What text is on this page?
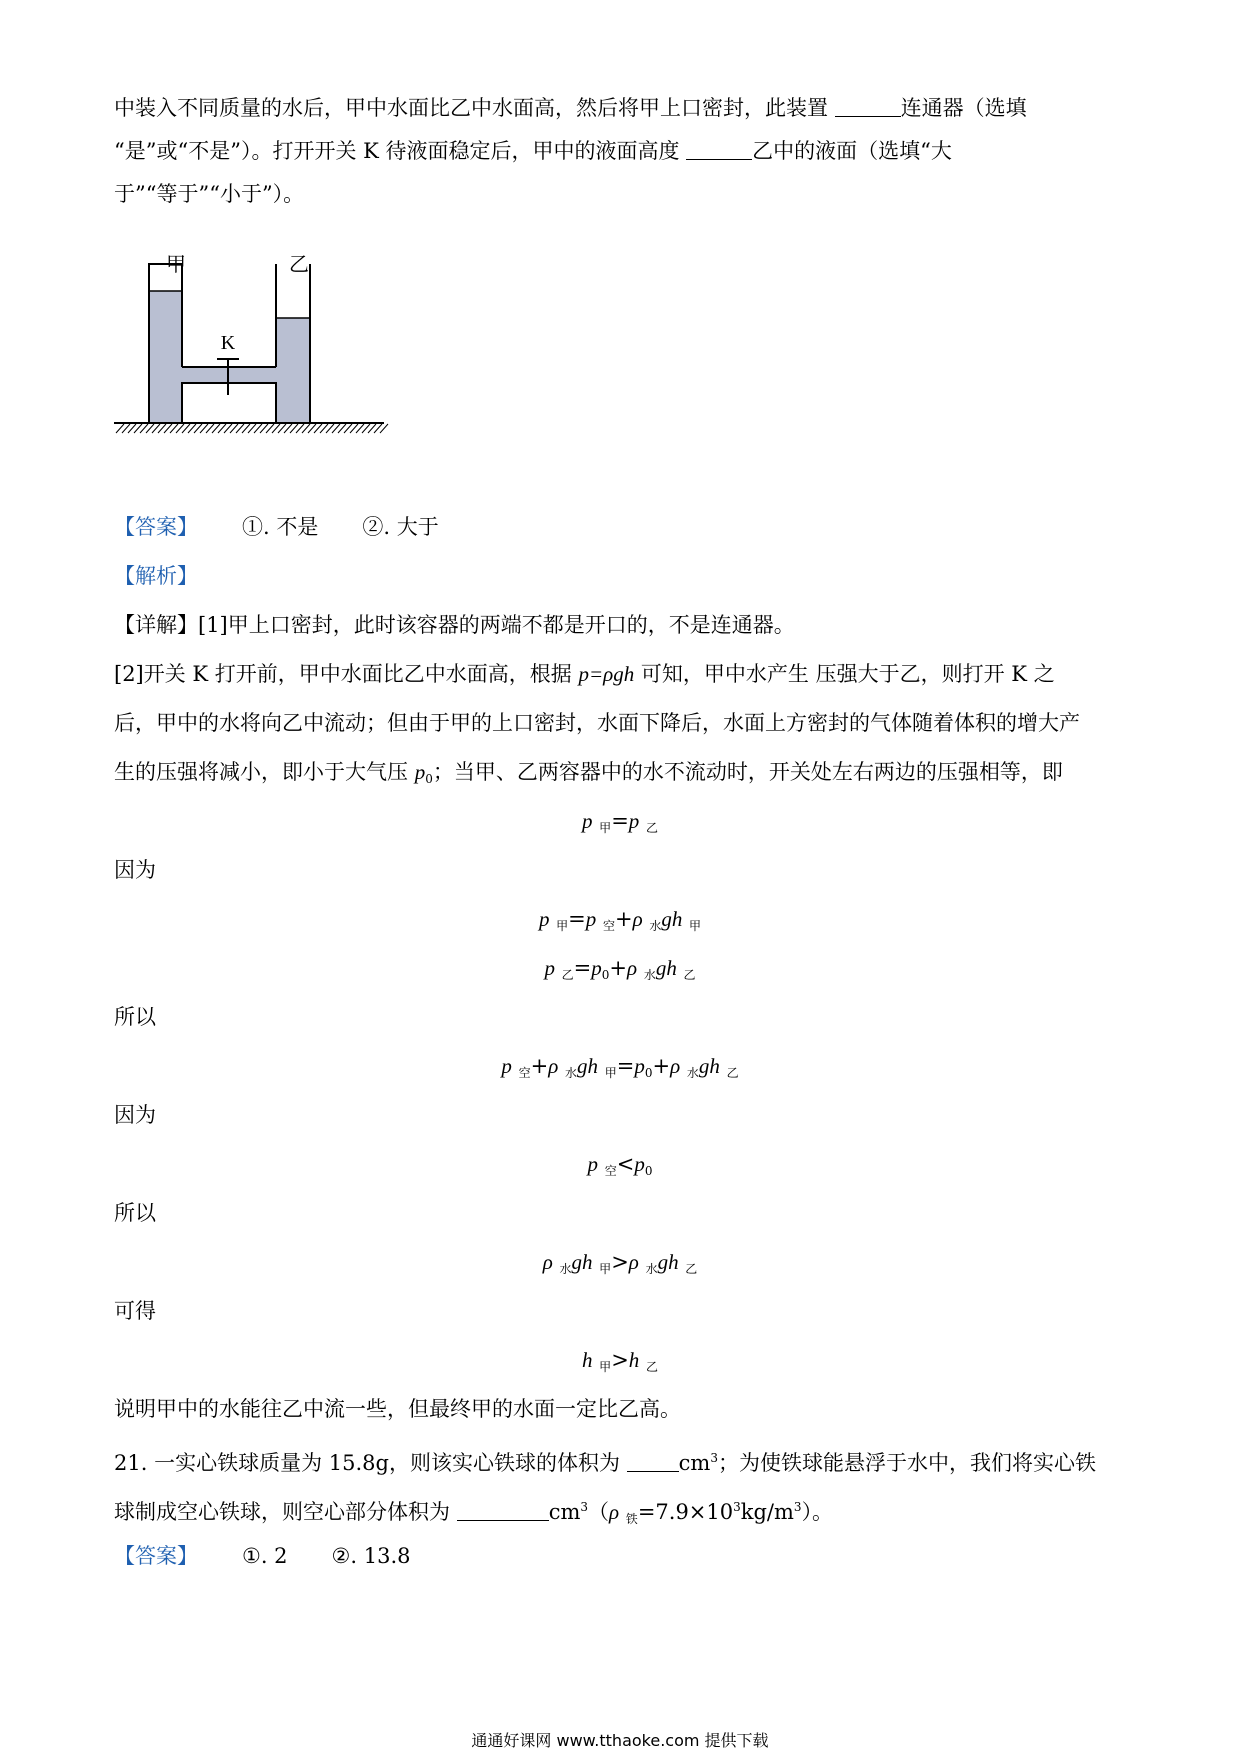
中装入不同质量的水后，甲中水面比乙中水面高，然后将甲上口密封，此装置	连通器（选填
“是”或“不是”）。打开开关 K 待液面稳定后，甲中的液面高度	乙中的液面（选填“大
于”“等于”“小于”）。
甲	乙
K
【答案】 ①. 不是 ②. 大于
【解析】
【详解】[1]甲上口密封，此时该容器的两端不都是开口的，不是连通器。
[2]开关 K 打开前，甲中水面比乙中水面高，根据 p=ρgh 可知，甲中水产生 压强大于乙，则打开 K 之
后，甲中的水将向乙中流动；但由于甲的上口密封，水面下降后，水面上方密封的气体随着体积的增大产
生的压强将减小，即小于大气压 $p_0$；当甲、乙两容器中的水不流动时，开关处左右两边的压强相等，即
p $_甲$=p $_乙$
因为
p $_甲$=p $_空$+ρ $_水$gh $_甲$
p $_乙=p_0+\rho$ $_水$gh $_乙$
所以
p $_空$+ρ $_水$gh $_甲=p_0+\rho$ $_水$gh $_乙$
因为
p $_空<p_0$
所以
ρ $_水$gh $_甲$>ρ $_水$gh $_乙$
可得
h $_甲$>h $_乙$
说明甲中的水能往乙中流一些，但最终甲的水面一定比乙高。
21. 一实心铁球质量为 15.8g，则该实心铁球的体积为 $cm^3$；为使铁球能悬浮于水中，我们将实心铁
球制成空心铁球，则空心部分体积为	$cm^3(\rho$ $_铁=7.9\times 10^3kg/m^3$）。
【答案】 ①. 2 ②. 13.8
通通好课网 www.tthaoke.com 提供下载
